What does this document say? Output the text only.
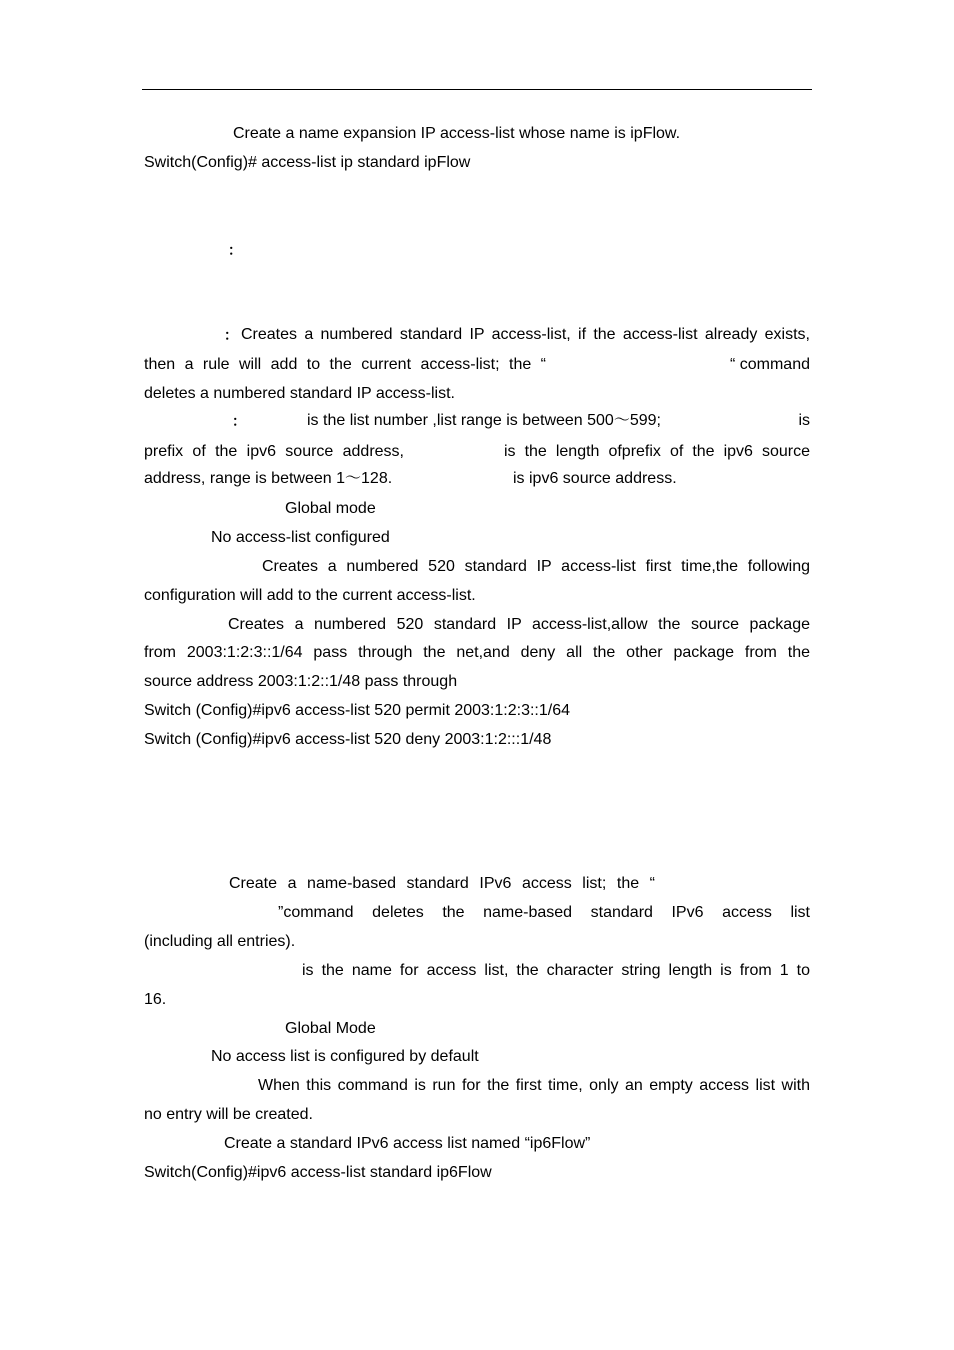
Create a name expansion IP access-list whose name is ipFlow.
Switch(Config)# access-list ip standard ipFlow
：
： Creates a numbered standard IP access-list, if the access-list already exists,
then a rule will add to the current access-list; the “	“ command
deletes a numbered standard IP access-list.
：	is the list number ,list range is between 500～599;	is
prefix of the ipv6 source address,	is the length ofprefix of the ipv6 source
address, range is between 1～128.	is ipv6 source address.
Global mode
No access-list configured
Creates a numbered 520 standard IP access-list first time,the following
configuration will add to the current access-list.
Creates a numbered 520 standard IP access-list,allow the source package
from 2003:1:2:3::1/64 pass through the net,and deny all the other package from the
source address 2003:1:2::1/48 pass through
Switch (Config)#ipv6 access-list 520 permit 2003:1:2:3::1/64
Switch (Config)#ipv6 access-list 520 deny 2003:1:2:::1/48
Create a name-based standard IPv6 access list; the “
”command deletes the name-based standard IPv6 access list
(including all entries).
is the name for access list, the character string length is from 1 to
16.
Global Mode
No access list is configured by default
When this command is run for the first time, only an empty access list with
no entry will be created.
Create a standard IPv6 access list named “ip6Flow”
Switch(Config)#ipv6 access-list standard ip6Flow
